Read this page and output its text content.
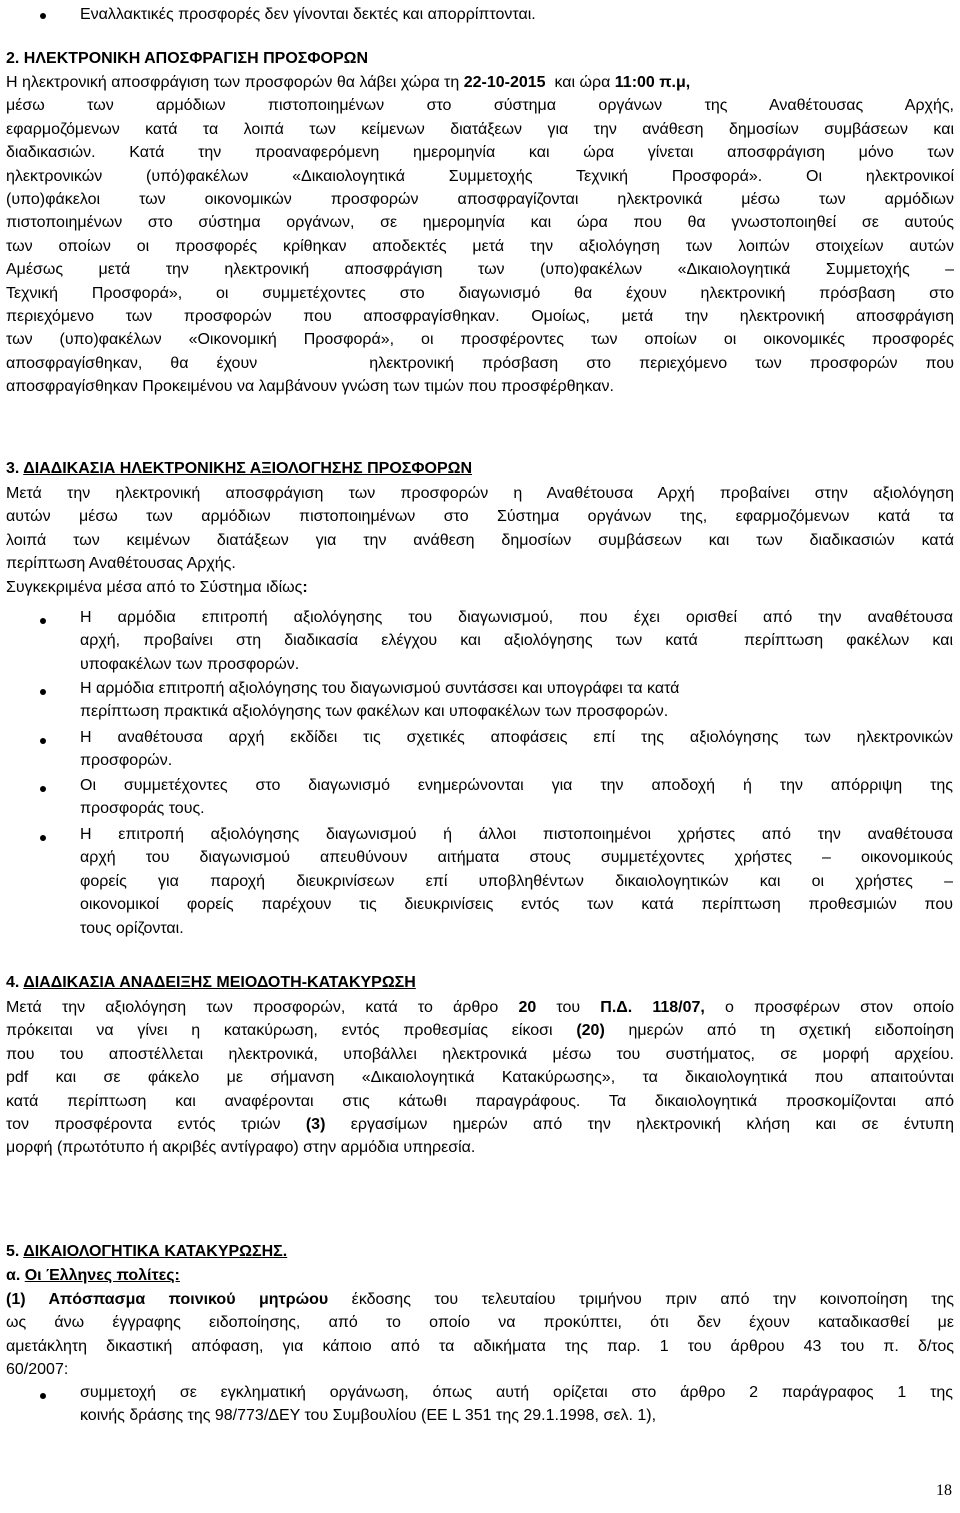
Εναλλακτικές προσφορές δεν γίνονται δεκτές και απορρίπτονται.
2. ΗΛΕΚΤΡΟΝΙΚΗ ΑΠΟΣΦΡΑΓΙΣΗ ΠΡΟΣΦΟΡΩΝ
Η ηλεκτρονική αποσφράγιση των προσφορών θα λάβει χώρα τη 22-10-2015 και ώρα 11:00 π.μ,
μέσω των αρμόδιων πιστοποιημένων στο σύστημα οργάνων της Αναθέτουσας Αρχής,
εφαρμοζόμενων κατά τα λοιπά των κείμενων διατάξεων για την ανάθεση δημοσίων συμβάσεων και
διαδικασιών. Κατά την προαναφερόμενη ημερομηνία και ώρα γίνεται αποσφράγιση μόνο των
ηλεκτρονικών (υπό)φακέλων «Δικαιολογητικά Συμμετοχής Τεχνική Προσφορά». Οι ηλεκτρονικοί
(υπο)φάκελοι των οικονομικών προσφορών αποσφραγίζονται ηλεκτρονικά μέσω των αρμόδιων
πιστοποιημένων στο σύστημα οργάνων, σε ημερομηνία και ώρα που θα γνωστοποιηθεί σε αυτούς
των οποίων οι προσφορές κρίθηκαν αποδεκτές μετά την αξιολόγηση των λοιπών στοιχείων αυτών
Αμέσως μετά την ηλεκτρονική αποσφράγιση των (υπο)φακέλων «Δικαιολογητικά Συμμετοχής –
Τεχνική Προσφορά», οι συμμετέχοντες στο διαγωνισμό θα έχουν ηλεκτρονική πρόσβαση στο
περιεχόμενο των προσφορών που αποσφραγίσθηκαν. Ομοίως, μετά την ηλεκτρονική αποσφράγιση
των (υπο)φακέλων «Οικονομική Προσφορά», οι προσφέροντες των οποίων οι οικονομικές προσφορές
αποσφραγίσθηκαν, θα έχουν    ηλεκτρονική πρόσβαση στο περιεχόμενο των προσφορών που
αποσφραγίσθηκαν Προκειμένου να λαμβάνουν γνώση των τιμών που προσφέρθηκαν.
3. ΔΙΑΔΙΚΑΣΙΑ ΗΛΕΚΤΡΟΝΙΚΗΣ ΑΞΙΟΛΟΓΗΣΗΣ ΠΡΟΣΦΟΡΩΝ
Μετά την ηλεκτρονική αποσφράγιση των προσφορών η Αναθέτουσα Αρχή προβαίνει στην αξιολόγηση
αυτών μέσω των αρμόδιων πιστοποιημένων στο Σύστημα οργάνων της, εφαρμοζόμενων κατά τα
λοιπά των κειμένων διατάξεων για την ανάθεση δημοσίων συμβάσεων και των διαδικασιών κατά
περίπτωση Αναθέτουσας Αρχής.
Συγκεκριμένα μέσα από το Σύστημα ιδίως:
Η αρμόδια επιτροπή αξιολόγησης του διαγωνισμού, που έχει ορισθεί από την αναθέτουσα
αρχή, προβαίνει στη διαδικασία ελέγχου και αξιολόγησης των κατά  περίπτωση φακέλων και
υποφακέλων των προσφορών.
Η αρμόδια επιτροπή αξιολόγησης του διαγωνισμού συντάσσει και υπογράφει τα κατά
περίπτωση πρακτικά αξιολόγησης των φακέλων και υποφακέλων των προσφορών.
Η αναθέτουσα αρχή εκδίδει τις σχετικές αποφάσεις επί της αξιολόγησης των ηλεκτρονικών
προσφορών.
Οι συμμετέχοντες στο διαγωνισμό ενημερώνονται για την αποδοχή ή την απόρριψη της
προσφοράς τους.
Η επιτροπή αξιολόγησης διαγωνισμού ή άλλοι πιστοποιημένοι χρήστες από την αναθέτουσα
αρχή του διαγωνισμού απευθύνουν αιτήματα στους συμμετέχοντες χρήστες – οικονομικούς
φορείς για παροχή διευκρινίσεων επί υποβληθέντων δικαιολογητικών και οι χρήστες –
οικονομικοί φορείς παρέχουν τις διευκρινίσεις εντός των κατά περίπτωση προθεσμιών που
τους ορίζονται.
4. ΔΙΑΔΙΚΑΣΙΑ ΑΝΑΔΕΙΞΗΣ ΜΕΙΟΔΟΤΗ-ΚΑΤΑΚΥΡΩΣΗ
Μετά την αξιολόγηση των προσφορών, κατά το άρθρο 20 του Π.Δ. 118/07, ο προσφέρων στον οποίο
πρόκειται να γίνει η κατακύρωση, εντός προθεσμίας είκοσι (20) ημερών από τη σχετική ειδοποίηση
που του αποστέλλεται ηλεκτρονικά, υποβάλλει ηλεκτρονικά μέσω του συστήματος, σε μορφή αρχείου.
pdf και σε φάκελο με σήμανση «Δικαιολογητικά Κατακύρωσης», τα δικαιολογητικά που απαιτούνται
κατά περίπτωση και αναφέρονται στις κάτωθι παραγράφους. Τα δικαιολογητικά προσκομίζονται από
τον προσφέροντα εντός τριών (3) εργασίμων ημερών από την ηλεκτρονική κλήση και σε έντυπη
μορφή (πρωτότυπο ή ακριβές αντίγραφο) στην αρμόδια υπηρεσία.
5. ΔΙΚΑΙΟΛΟΓΗΤΙΚΑ ΚΑΤΑΚΥΡΩΣΗΣ.
α. Οι Έλληνες πολίτες:
(1) Απόσπασμα ποινικού μητρώου έκδοσης του τελευταίου τριμήνου πριν από την κοινοποίηση της
ως άνω έγγραφης ειδοποίησης, από το οποίο να προκύπτει, ότι δεν έχουν καταδικασθεί με
αμετάκλητη δικαστική απόφαση, για κάποιο από τα αδικήματα της παρ. 1 του άρθρου 43 του π. δ/τος
60/2007:
συμμετοχή σε εγκληματική οργάνωση, όπως αυτή ορίζεται στο άρθρο 2 παράγραφος 1 της
κοινής δράσης της 98/773/ΔΕΥ του Συμβουλίου (ΕΕ L 351 της 29.1.1998, σελ. 1),
18
